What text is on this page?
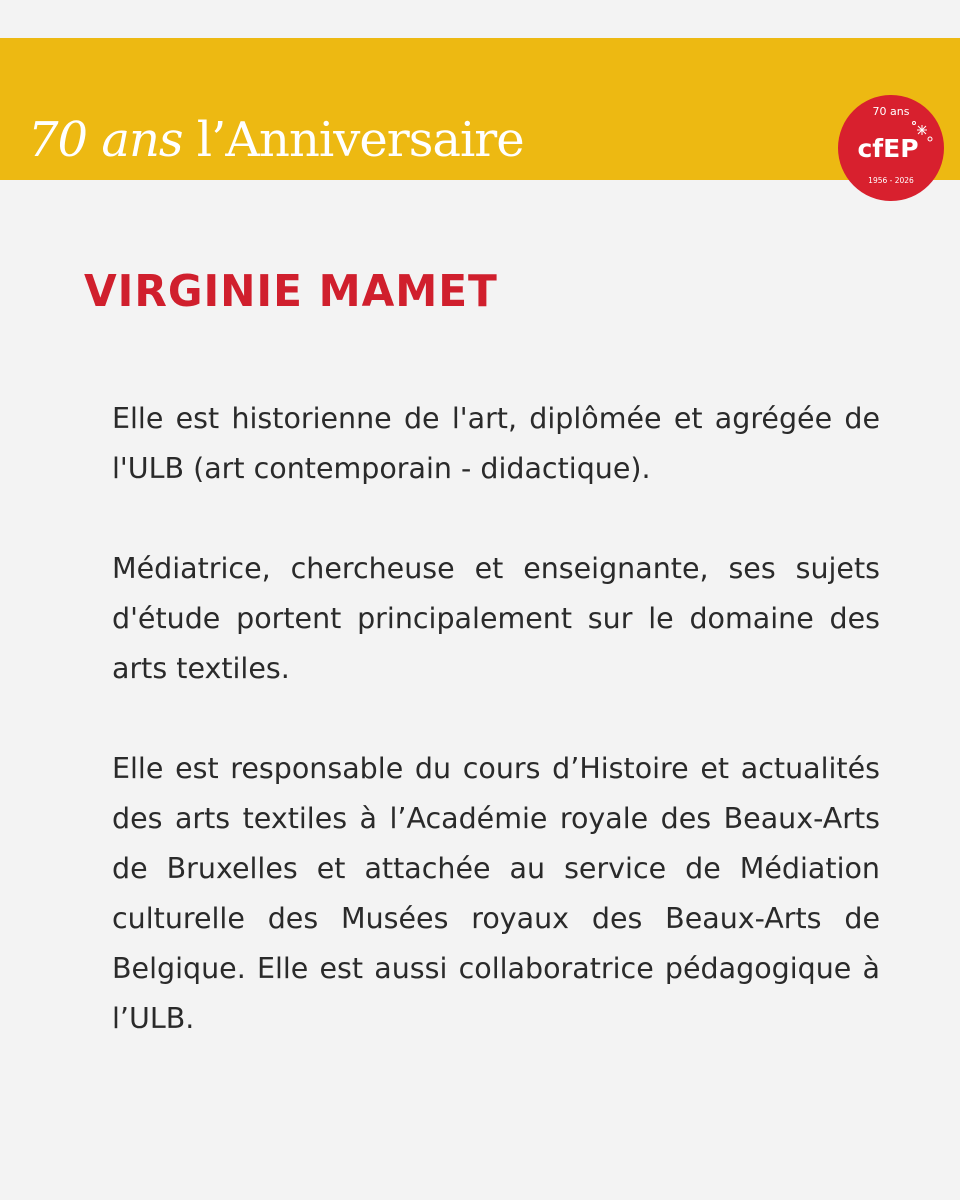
70 ans l’Anniversaire
70 ans
cfEP
1956 - 2026
VIRGINIE MAMET

Elle est historienne de l'art, diplômée et agrégée de l'ULB (art contemporain - didactique).

Médiatrice, chercheuse et enseignante, ses sujets d'étude portent principalement sur le domaine des arts textiles.

Elle est responsable du cours d’Histoire et actualités des arts textiles à l’Académie royale des Beaux-Arts de Bruxelles et attachée au service de Médiation culturelle des Musées royaux des Beaux-Arts de Belgique. Elle est aussi collaboratrice pédagogique à l’ULB.
